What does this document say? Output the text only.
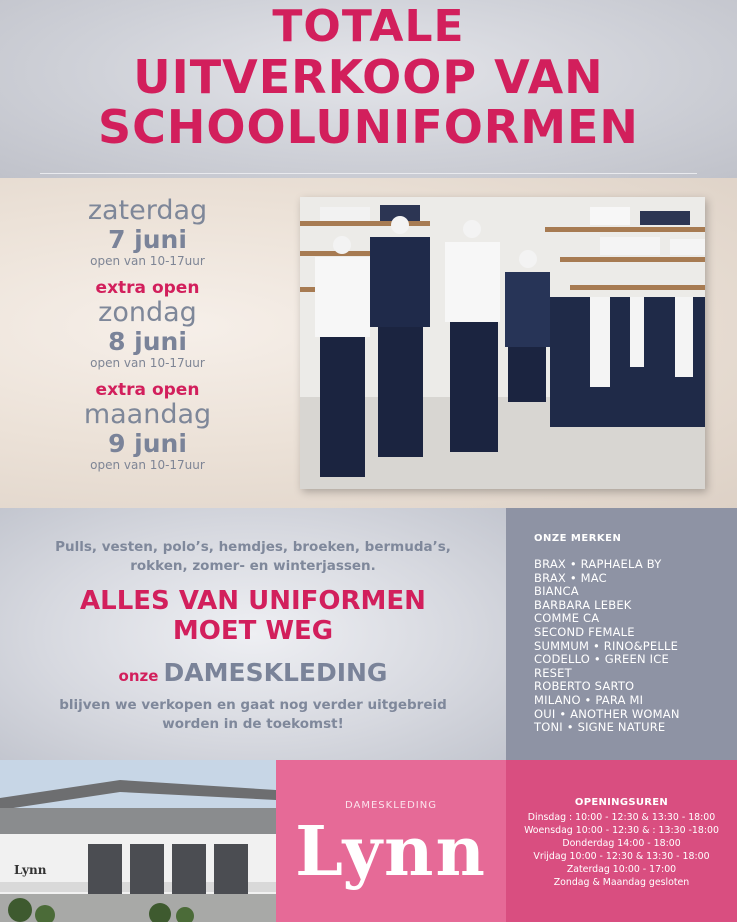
TOTALE
UITVERKOOP VAN
SCHOOLUNIFORMEN
zaterdag
7 juni
open van 10-17uur
extra open
zondag
8 juni
open van 10-17uur
extra open
maandag
9 juni
open van 10-17uur
Pulls, vesten, polo’s, hemdjes, broeken, bermuda’s,
rokken, zomer- en winterjassen.
ALLES VAN UNIFORMEN
MOET WEG
onze DAMESKLEDING
blijven we verkopen en gaat nog verder uitgebreid
worden in de toekomst!
ONZE MERKEN
BRAX • RAPHAELA BY
BRAX • MAC
BIANCA
BARBARA LEBEK
COMME CA
SECOND FEMALE
SUMMUM • RINO&PELLE
CODELLO • GREEN ICE
RESET
ROBERTO SARTO
MILANO • PARA MI
OUI • ANOTHER WOMAN
TONI • SIGNE NATURE
Lynn
DAMESKLEDING
Lynn
OPENINGSUREN
Dinsdag : 10:00 - 12:30 & 13:30 - 18:00
Woensdag 10:00 - 12:30 & : 13:30 -18:00
Donderdag 14:00 - 18:00
Vrijdag 10:00 - 12:30 & 13:30 - 18:00
Zaterdag 10:00 - 17:00
Zondag & Maandag gesloten
